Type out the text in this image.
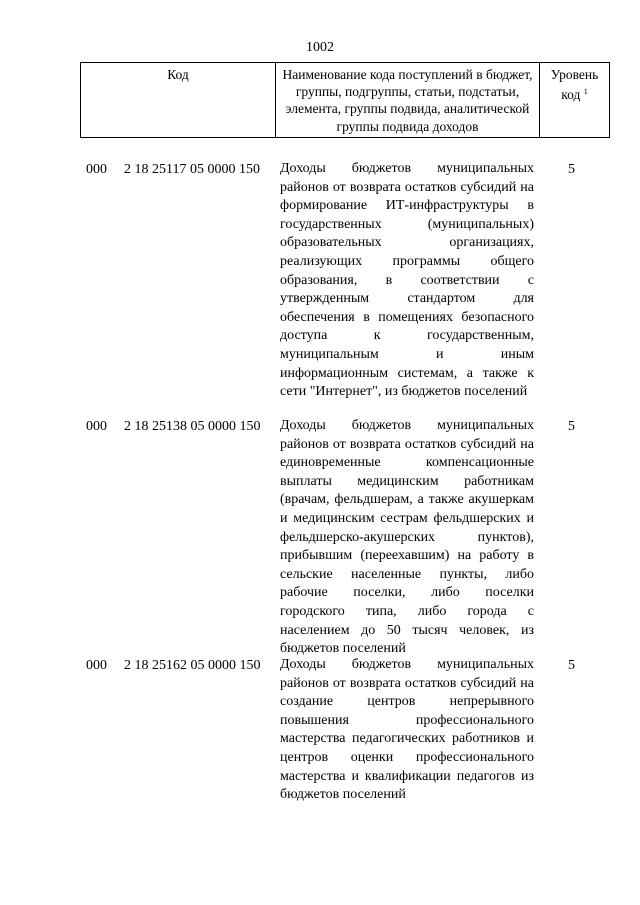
1002
Код	Наименование кода поступлений в бюджет, группы, подгруппы, статьи, подстатьи, элемента, группы подвида, аналитической группы подвида доходов
Уровень код $^1$
000 2 18 25117 05 0000 150 Доходы бюджетов муниципальных районов от возврата остатков субсидий на формирование ИТ-инфраструктуры в государственных (муниципальных) образовательных организациях, реализующих программы общего образования, в соответствии с утвержденным стандартом для обеспечения в помещениях безопасного доступа к государственным, муниципальным и иным информационным системам, а также к сети "Интернет", из бюджетов поселений
5
000 2 18 25138 05 0000 150 Доходы бюджетов муниципальных районов от возврата остатков субсидий на единовременные компенсационные выплаты медицинским работникам (врачам, фельдшерам, а также акушеркам и медицинским сестрам фельдшерских и фельдшерско-акушерских пунктов), прибывшим (переехавшим) на работу в сельские населенные пункты, либо рабочие поселки, либо поселки городского типа, либо города с населением до 50 тысяч человек, из бюджетов поселений
5
000 2 18 25162 05 0000 150 Доходы бюджетов муниципальных районов от возврата остатков субсидий на создание центров непрерывного повышения профессионального мастерства педагогических работников и центров оценки профессионального мастерства и квалификации педагогов из бюджетов поселений
5
